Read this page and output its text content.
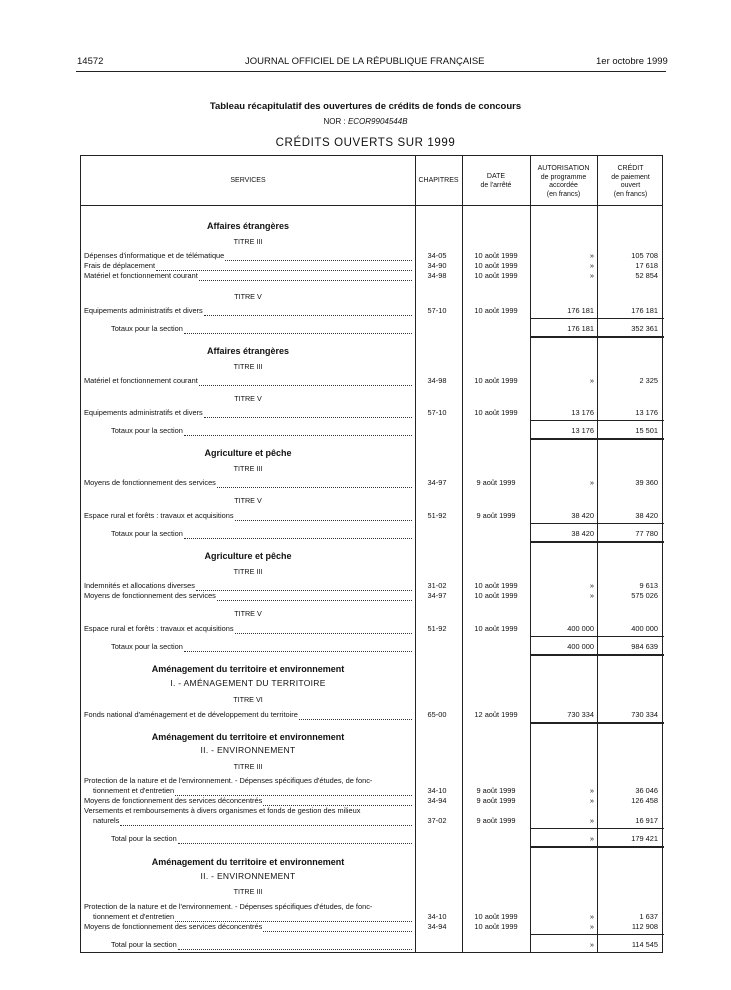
14572	JOURNAL OFFICIEL DE LA RÉPUBLIQUE FRANÇAISE	1er octobre 1999
Tableau récapitulatif des ouvertures de crédits de fonds de concours
NOR : ECOR9904544B
CRÉDITS OUVERTS SUR 1999
SERVICES	CHAPITRES
DATE
de l'arrêté
AUTORISATION
de programme
accordée
(en francs)
CRÉDIT
de paiement
ouvert
(en francs)
Affaires étrangères
TITRE III
Dépenses d'informatique et de télématique	34-05	10 août 1999	»	105 708
Frais de déplacement	34-90	10 août 1999	»	17 618
Matériel et fonctionnement courant	34-98	10 août 1999	»	52 854
TITRE V
Equipements administratifs et divers	57-10	10 août 1999	176 181	176 181
Totaux pour la section	176 181	352 361
Affaires étrangères
TITRE III
Matériel et fonctionnement courant	34-98	10 août 1999	»	2 325
TITRE V
Equipements administratifs et divers	57-10	10 août 1999	13 176	13 176
Totaux pour la section	13 176	15 501
Agriculture et pêche
TITRE III
Moyens de fonctionnement des services	34-97	9 août 1999	»	39 360
TITRE V
Espace rural et forêts : travaux et acquisitions	51-92	9 août 1999	38 420	38 420
Totaux pour la section	38 420	77 780
Agriculture et pêche
TITRE III
Indemnités et allocations diverses	31-02	10 août 1999	»	9 613
Moyens de fonctionnement des services	34-97	10 août 1999	»	575 026
TITRE V
Espace rural et forêts : travaux et acquisitions	51-92	10 août 1999	400 000	400 000
Totaux pour la section	400 000	984 639
Aménagement du territoire et environnement
I. - AMÉNAGEMENT DU TERRITOIRE
TITRE VI
Fonds national d'aménagement et de développement du territoire	65-00	12 août 1999	730 334	730 334
Aménagement du territoire et environnement
II. - ENVIRONNEMENT
TITRE III
Protection de la nature et de l'environnement. - Dépenses spécifiques d'études, de fonc-
tionnement et d'entretien	34-10	9 août 1999	»	36 046
Moyens de fonctionnement des services déconcentrés	34-94	9 août 1999	»	126 458
Versements et remboursements à divers organismes et fonds de gestion des milieux
naturels	37-02	9 août 1999	»	16 917
Total pour la section	»	179 421
Aménagement du territoire et environnement
II. - ENVIRONNEMENT
TITRE III
Protection de la nature et de l'environnement. - Dépenses spécifiques d'études, de fonc-
tionnement et d'entretien	34-10	10 août 1999	»	1 637
Moyens de fonctionnement des services déconcentrés	34-94	10 août 1999	»	112 908
Total pour la section	»	114 545
